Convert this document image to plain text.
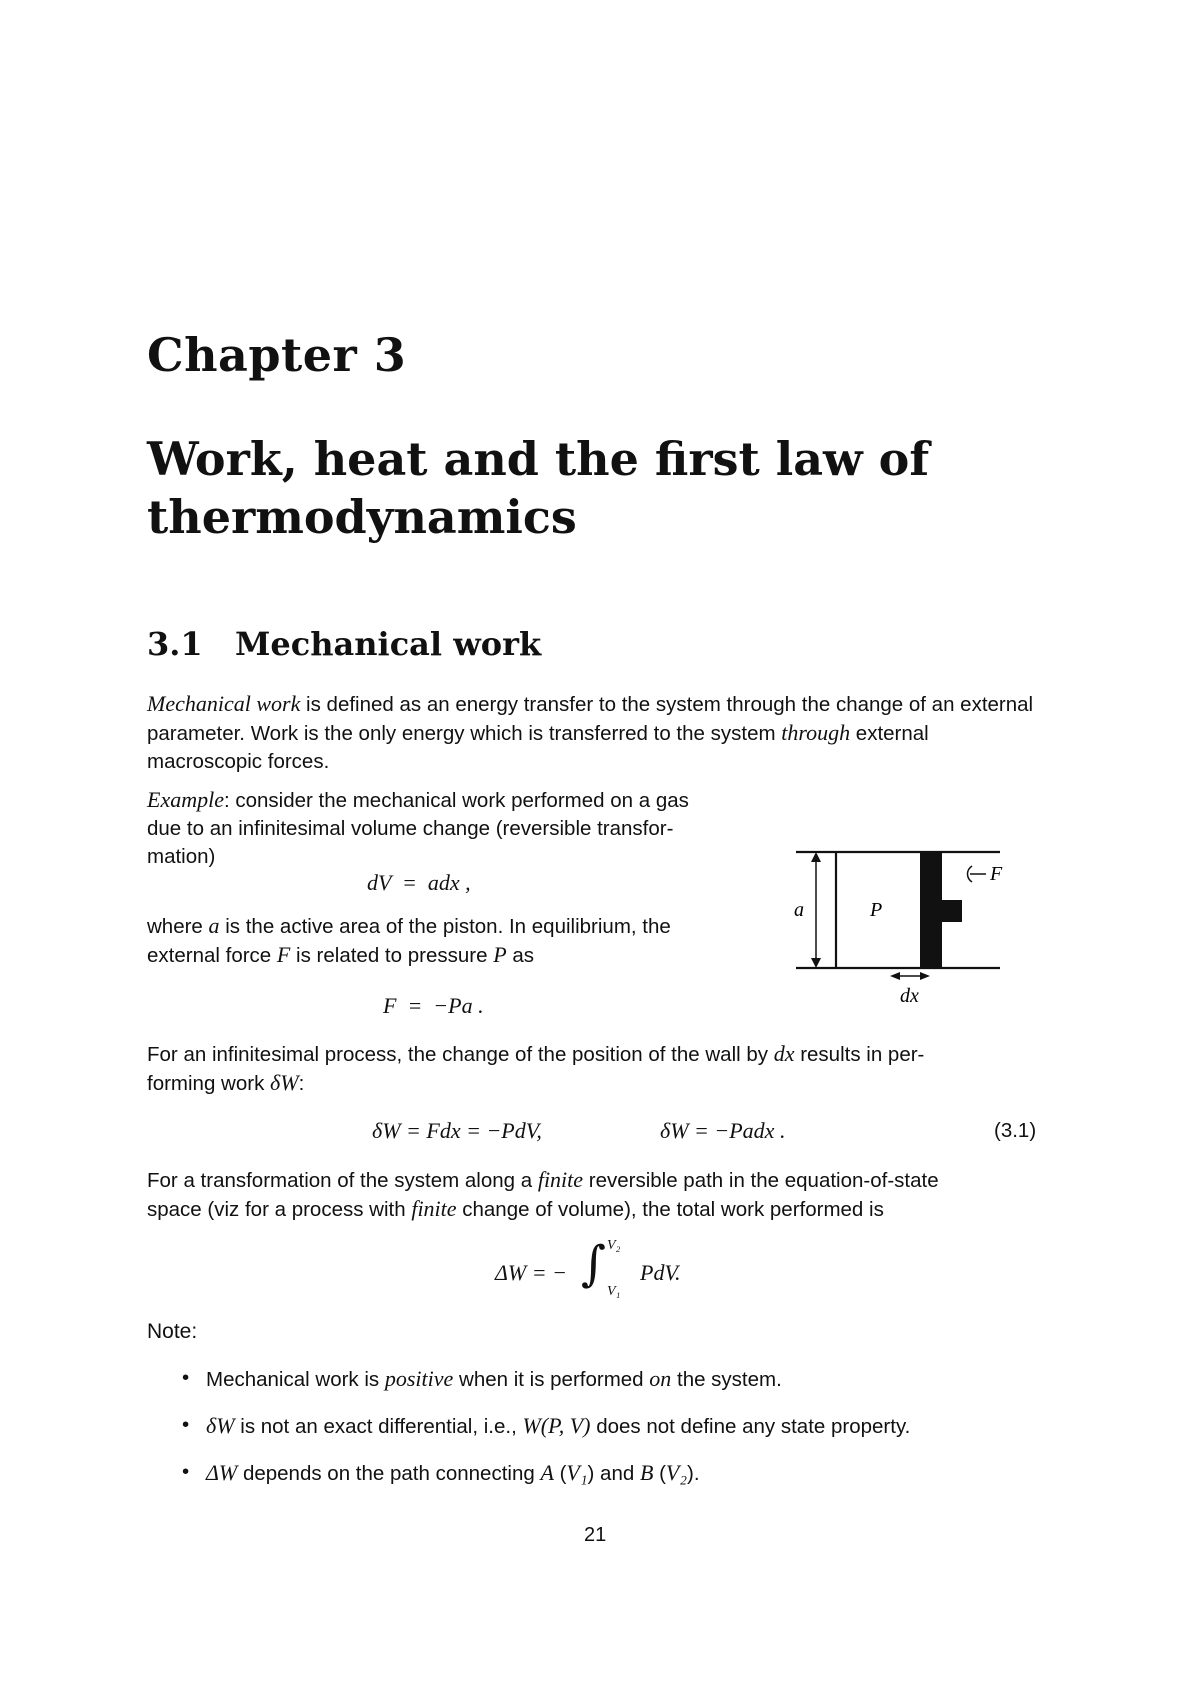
Chapter 3
Work, heat and the first law of thermodynamics
3.1 Mechanical work
Mechanical work is defined as an energy transfer to the system through the change of an external parameter. Work is the only energy which is transferred to the system through external macroscopic forces.
Example: consider the mechanical work performed on a gas
due to an infinitesimal volume change (reversible transfor-
mation)
dV  =  adx ,
where a is the active area of the piston. In equilibrium, the
external force F is related to pressure P as
F  =  −Pa .
a	P
F
dx
For an infinitesimal process, the change of the position of the wall by dx results in per-
forming work δW:
δW = Fdx = −PdV,	δW = −Padx .	(3.1)
For a transformation of the system along a finite reversible path in the equation-of-state
space (viz for a process with finite change of volume), the total work performed is
ΔW = − ∫ V₂
V₁
PdV.
Note:
• Mechanical work is positive when it is performed on the system.
• δW is not an exact differential, i.e., W(P, V) does not define any state property.
• ΔW depends on the path connecting A (V₁) and B (V₂).
21
